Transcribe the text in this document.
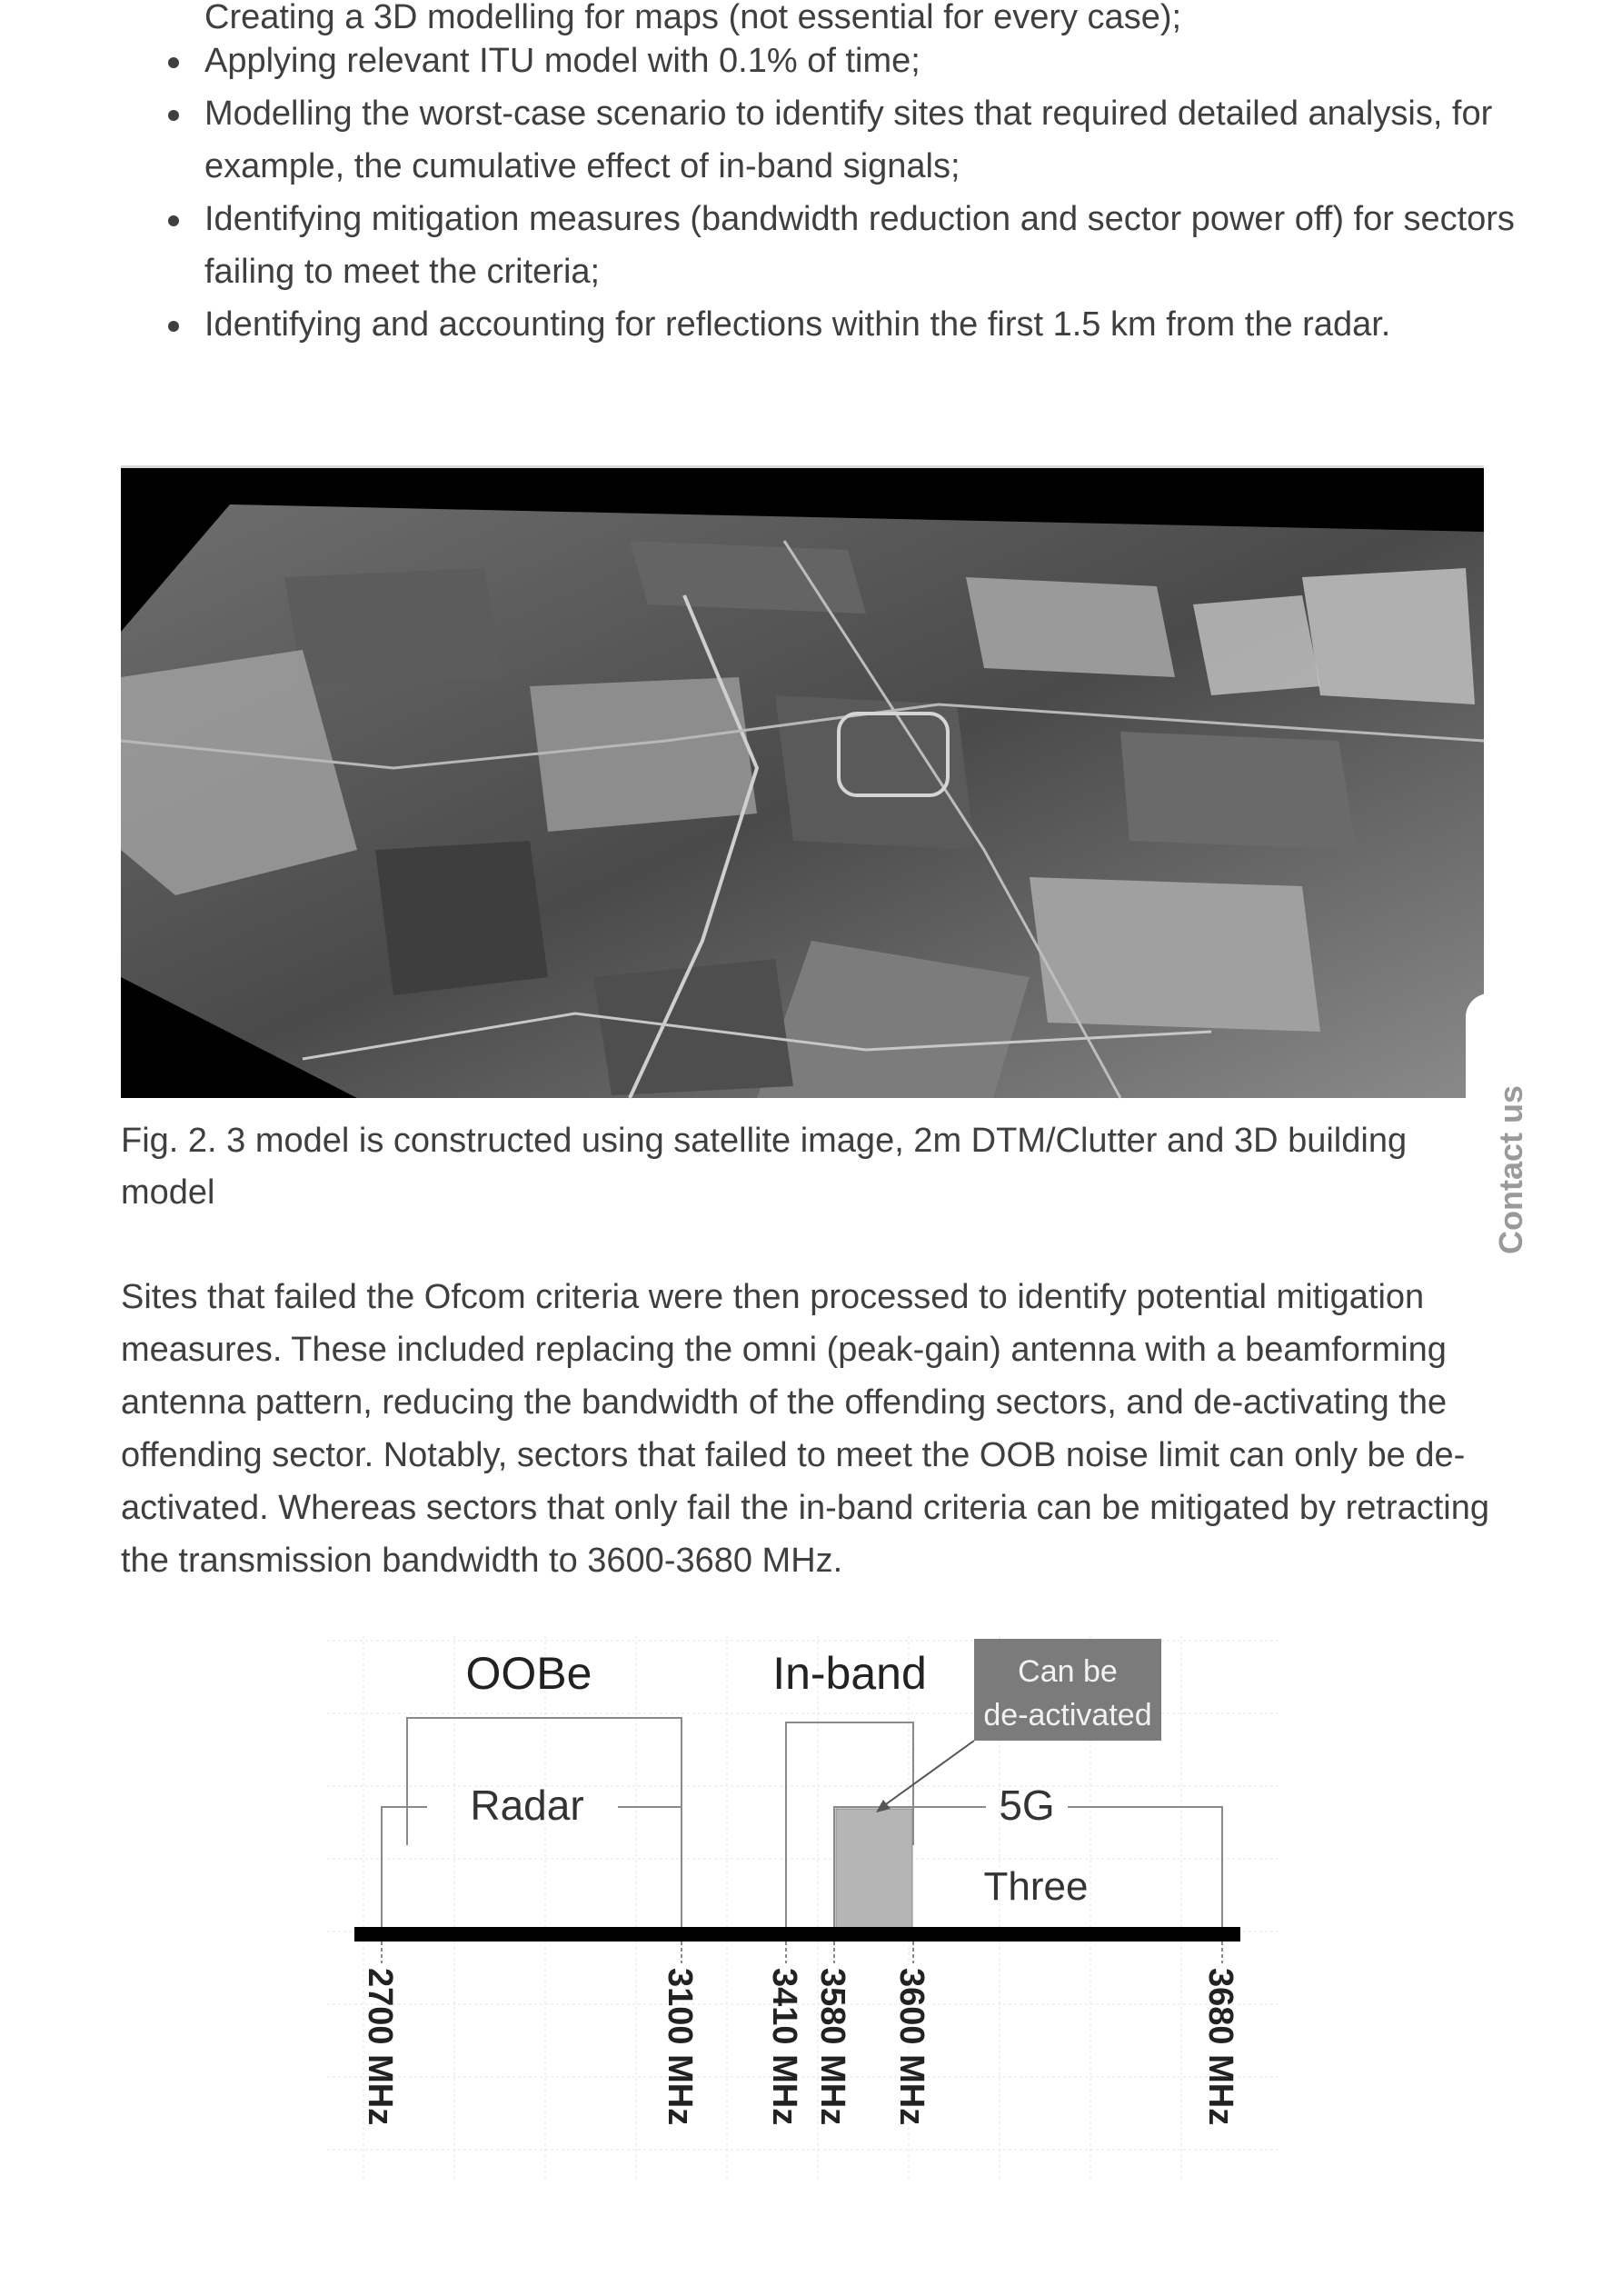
Creating a 3D modelling for maps (not essential for every case);
Applying relevant ITU model with 0.1% of time;
Modelling the worst-case scenario to identify sites that required detailed analysis, for example, the cumulative effect of in-band signals;
Identifying mitigation measures (bandwidth reduction and sector power off) for sectors failing to meet the criteria;
Identifying and accounting for reflections within the first 1.5 km from the radar.

Fig. 2. 3 model is constructed using satellite image, 2m DTM/Clutter and 3D building model

Sites that failed the Ofcom criteria were then processed to identify potential mitigation measures. These included replacing the omni (peak-gain) antenna with a beamforming antenna pattern, reducing the bandwidth of the offending sectors, and de-activating the offending sector. Notably, sectors that failed to meet the OOB noise limit can only be de-activated. Whereas sectors that only fail the in-band criteria can be mitigated by retracting the transmission bandwidth to 3600-3680 MHz.

Contact us
OOBe	In-band
Radar	5G
Three
Can be
de-activated
2700 MHz	3100 MHz 3410 MHz 3580 MHz 3600 MHz	3680 MHz
